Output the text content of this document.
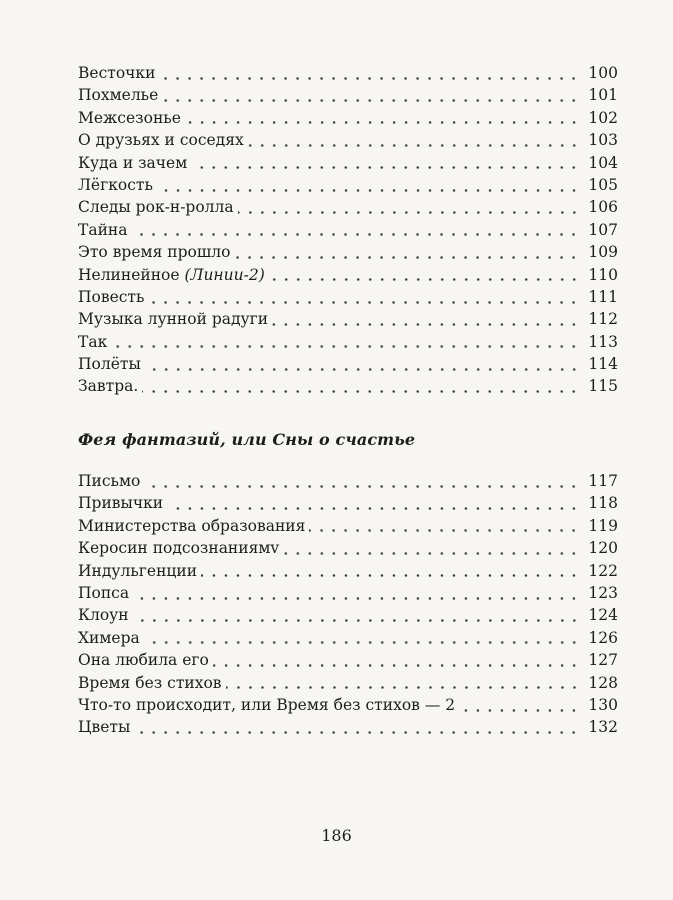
Весточки	100
Похмелье	101
Межсезонье	102
О друзьях и соседях	103
Куда и зачем	104
Лёгкость	105
Следы рок-н-ролла	106
Тайна	107
Это время прошло	109
Нелинейное (Линии-2)	110
Повесть	111
Музыка лунной радуги	112
Так	113
Полёты	114
Завтра.	115
Фея фантазий, или Сны о счастье
Письмо	117
Привычки	118
Министерства образования	119
Керосин подсознаниямv	120
Индульгенции	122
Попса	123
Клоун	124
Химера	126
Она любила его	127
Время без стихов	128
Что-то происходит, или Время без стихов — 2	130
Цветы	132
186
